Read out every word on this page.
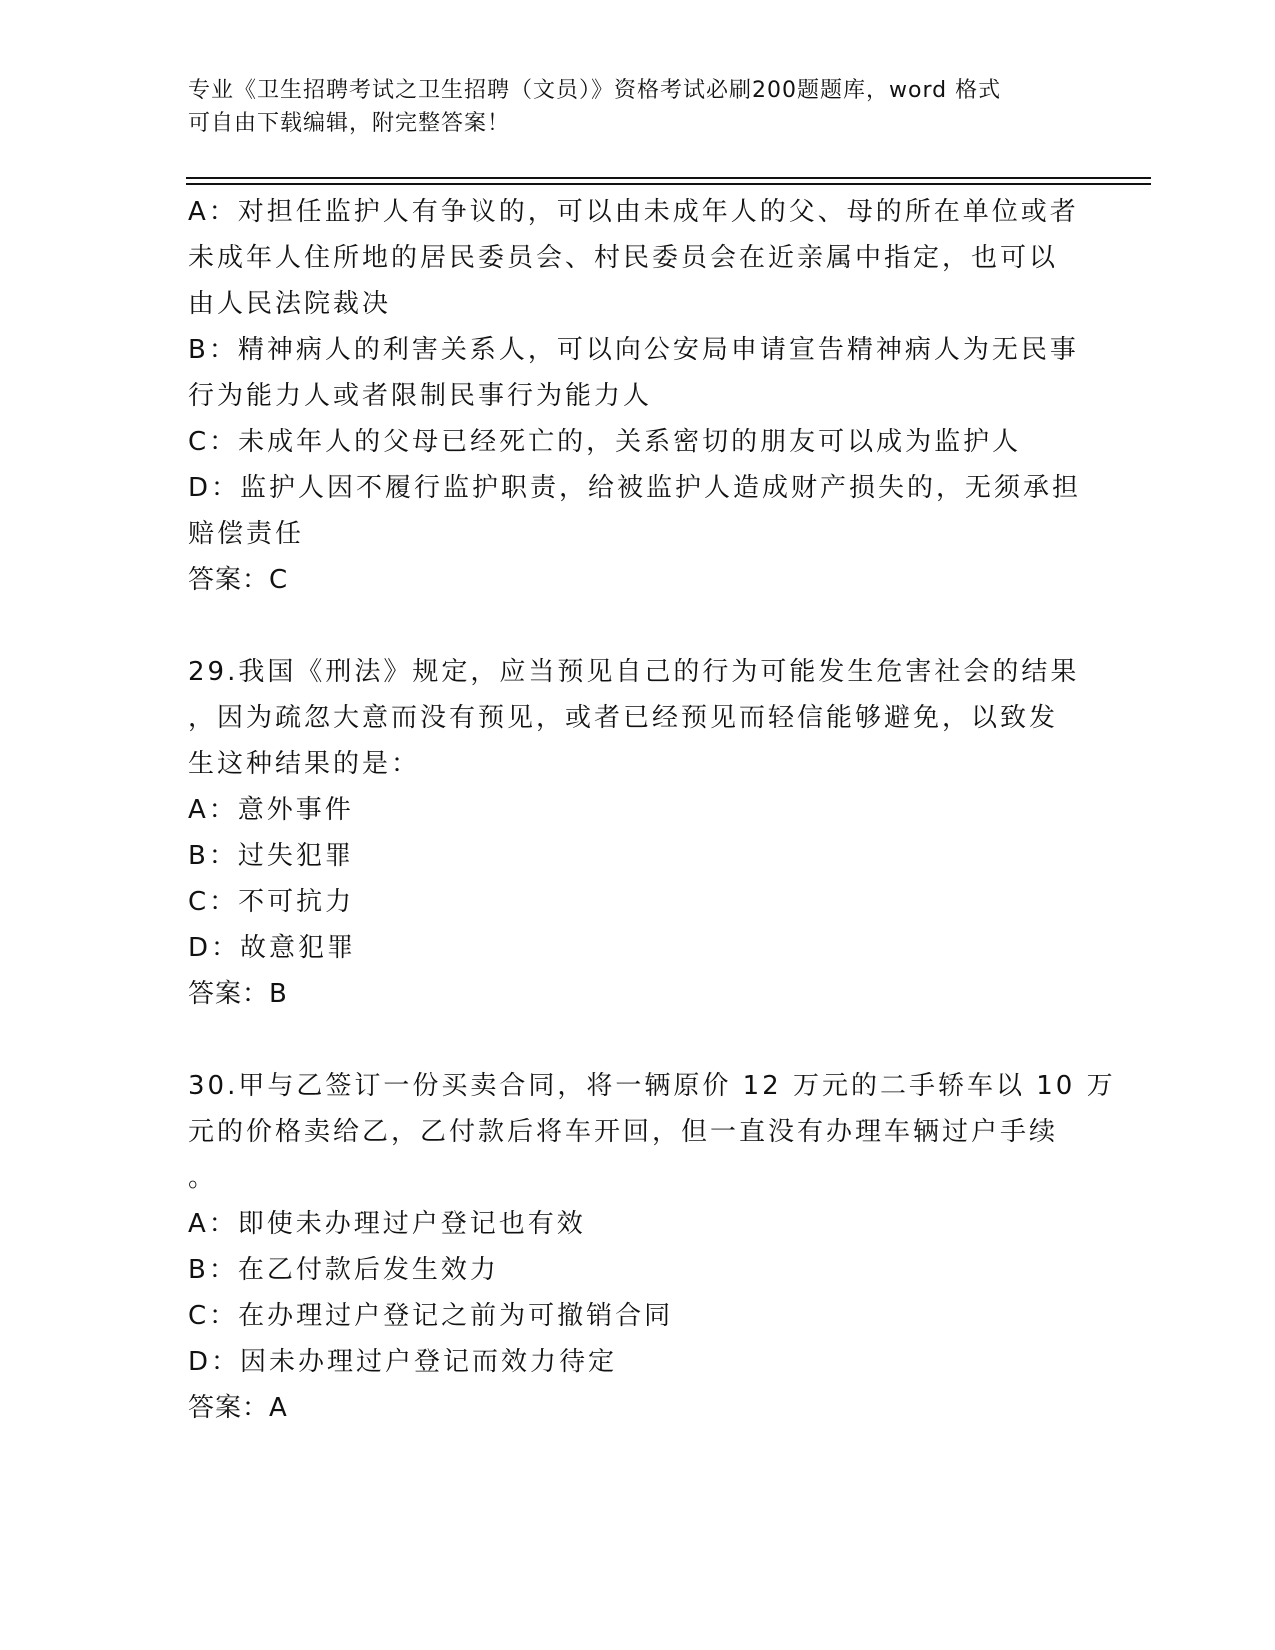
专业《卫生招聘考试之卫生招聘（文员）》资格考试必刷200题题库，word 格式
可自由下载编辑，附完整答案！
A：对担任监护人有争议的，可以由未成年人的父、母的所在单位或者
未成年人住所地的居民委员会、村民委员会在近亲属中指定，也可以
由人民法院裁决
B：精神病人的利害关系人，可以向公安局申请宣告精神病人为无民事
行为能力人或者限制民事行为能力人
C：未成年人的父母已经死亡的，关系密切的朋友可以成为监护人
D：监护人因不履行监护职责，给被监护人造成财产损失的，无须承担
赔偿责任
答案：C
29.我国《刑法》规定，应当预见自己的行为可能发生危害社会的结果
，因为疏忽大意而没有预见，或者已经预见而轻信能够避免，以致发
生这种结果的是：
A：意外事件
B：过失犯罪
C：不可抗力
D：故意犯罪
答案：B
30.甲与乙签订一份买卖合同，将一辆原价 12 万元的二手轿车以 10 万
元的价格卖给乙，乙付款后将车开回，但一直没有办理车辆过户手续
。
A：即使未办理过户登记也有效
B：在乙付款后发生效力
C：在办理过户登记之前为可撤销合同
D：因未办理过户登记而效力待定
答案：A
